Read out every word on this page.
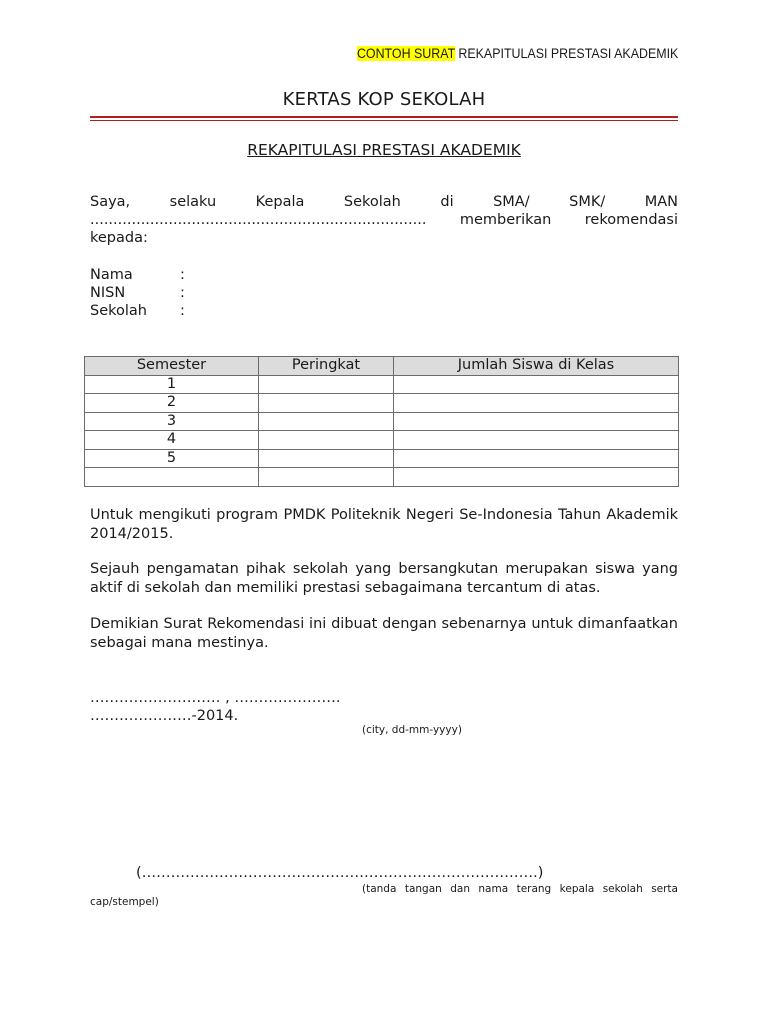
CONTOH SURAT REKAPITULASI PRESTASI AKADEMIK
KERTAS KOP SEKOLAH
REKAPITULASI PRESTASI AKADEMIK
Saya, selaku Kepala Sekolah di SMA/ SMK/ MAN
......................................................................... memberikan rekomendasi
kepada:
Nama	:
NISN	:
Sekolah :
Semester	Peringkat	Jumlah Siswa di Kelas
1		
2		
3		
4		
5		

Untuk mengikuti program PMDK Politeknik Negeri Se-Indonesia Tahun Akademik 2014/2015.
Sejauh pengamatan pihak sekolah yang bersangkutan merupakan siswa yang aktif di sekolah dan memiliki prestasi sebagaimana tercantum di atas.
Demikian Surat Rekomendasi ini dibuat dengan sebenarnya untuk dimanfaatkan sebagai mana mestinya.
……………………… , ………………….
…………………-2014.
(city, dd-mm-yyyy)
(……………………………………………………………………….)
(tanda tangan dan nama terang kepala sekolah serta
cap/stempel)
